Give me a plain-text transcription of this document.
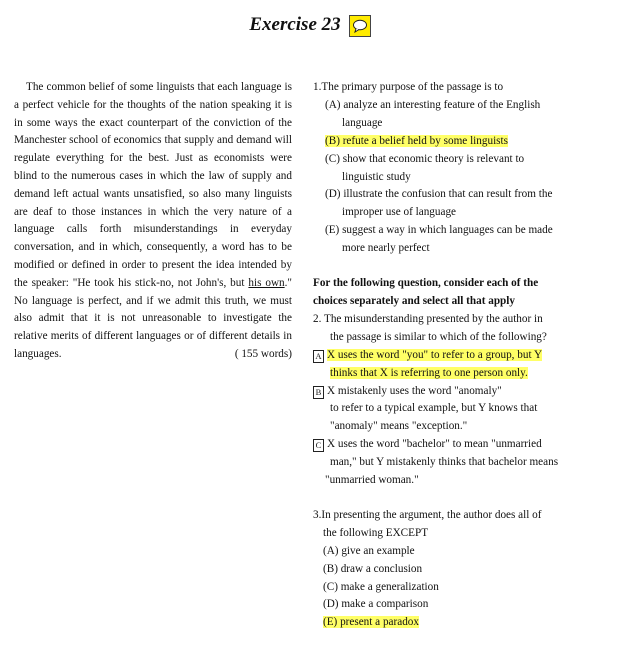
Exercise 23

The common belief of some linguists that each language is a perfect vehicle for the thoughts of the nation speaking it is in some ways the exact counterpart of the conviction of the Manchester school of economics that supply and demand will regulate everything for the best. Just as economists were blind to the numerous cases in which the law of supply and demand left actual wants unsatisfied, so also many linguists are deaf to those instances in which the very nature of a language calls forth misunderstandings in everyday conversation, and in which, consequently, a word has to be modified or defined in order to present the idea intended by the speaker: "He took his stick-no, not John's, but his own." No language is perfect, and if we admit this truth, we must also admit that it is not unreasonable to investigate the relative merits of different languages or of different details in languages.	( 155 words)

1.The primary purpose of the passage is to
(A) analyze an interesting feature of the English
language
(B) refute a belief held by some linguists
(C) show that economic theory is relevant to
linguistic study
(D) illustrate the confusion that can result from the
improper use of language
(E) suggest a way in which languages can be made
more nearly perfect
For the following question, consider each of the
choices separately and select all that apply
2. The misunderstanding presented by the author in
the passage is similar to which of the following?
A X uses the word "you" to refer to a group, but Y
thinks that X is referring to one person only.
B X mistakenly uses the word "anomaly"
to refer to a typical example, but Y knows that
"anomaly" means "exception."
C X uses the word "bachelor" to mean "unmarried
man," but Y mistakenly thinks that bachelor means
"unmarried woman."
3.In presenting the argument, the author does all of
the following EXCEPT
(A) give an example
(B) draw a conclusion
(C) make a generalization
(D) make a comparison
(E) present a paradox
